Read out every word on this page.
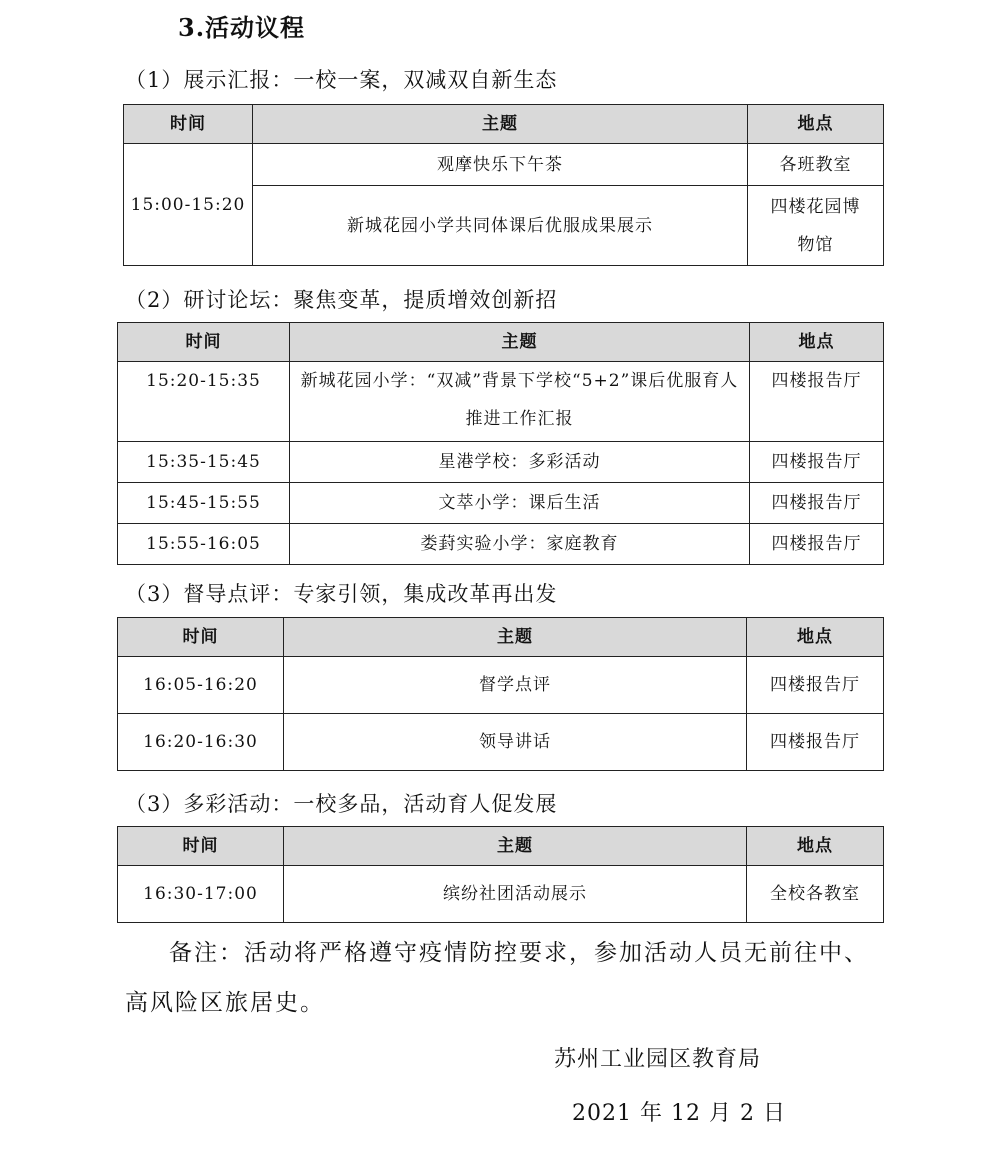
3.活动议程
（1）展示汇报：一校一案，双减双自新生态
时间	主题	地点
15:00-15:20	观摩快乐下午茶	各班教室
	新城花园小学共同体课后优服成果展示	四楼花园博物馆
（2）研讨论坛：聚焦变革，提质增效创新招
时间	主题	地点
15:20-15:35	新城花园小学：“双减”背景下学校“5+2”课后优服育人推进工作汇报	四楼报告厅
15:35-15:45	星港学校：多彩活动	四楼报告厅
15:45-15:55	文萃小学：课后生活	四楼报告厅
15:55-16:05	娄葑实验小学：家庭教育	四楼报告厅
（3）督导点评：专家引领，集成改革再出发
时间	主题	地点
16:05-16:20	督学点评	四楼报告厅
16:20-16:30	领导讲话	四楼报告厅
（3）多彩活动：一校多品，活动育人促发展
时间	主题	地点
16:30-17:00	缤纷社团活动展示	全校各教室
备注：活动将严格遵守疫情防控要求，参加活动人员无前往中、高风险区旅居史。
苏州工业园区教育局
2021 年 12 月 2 日
